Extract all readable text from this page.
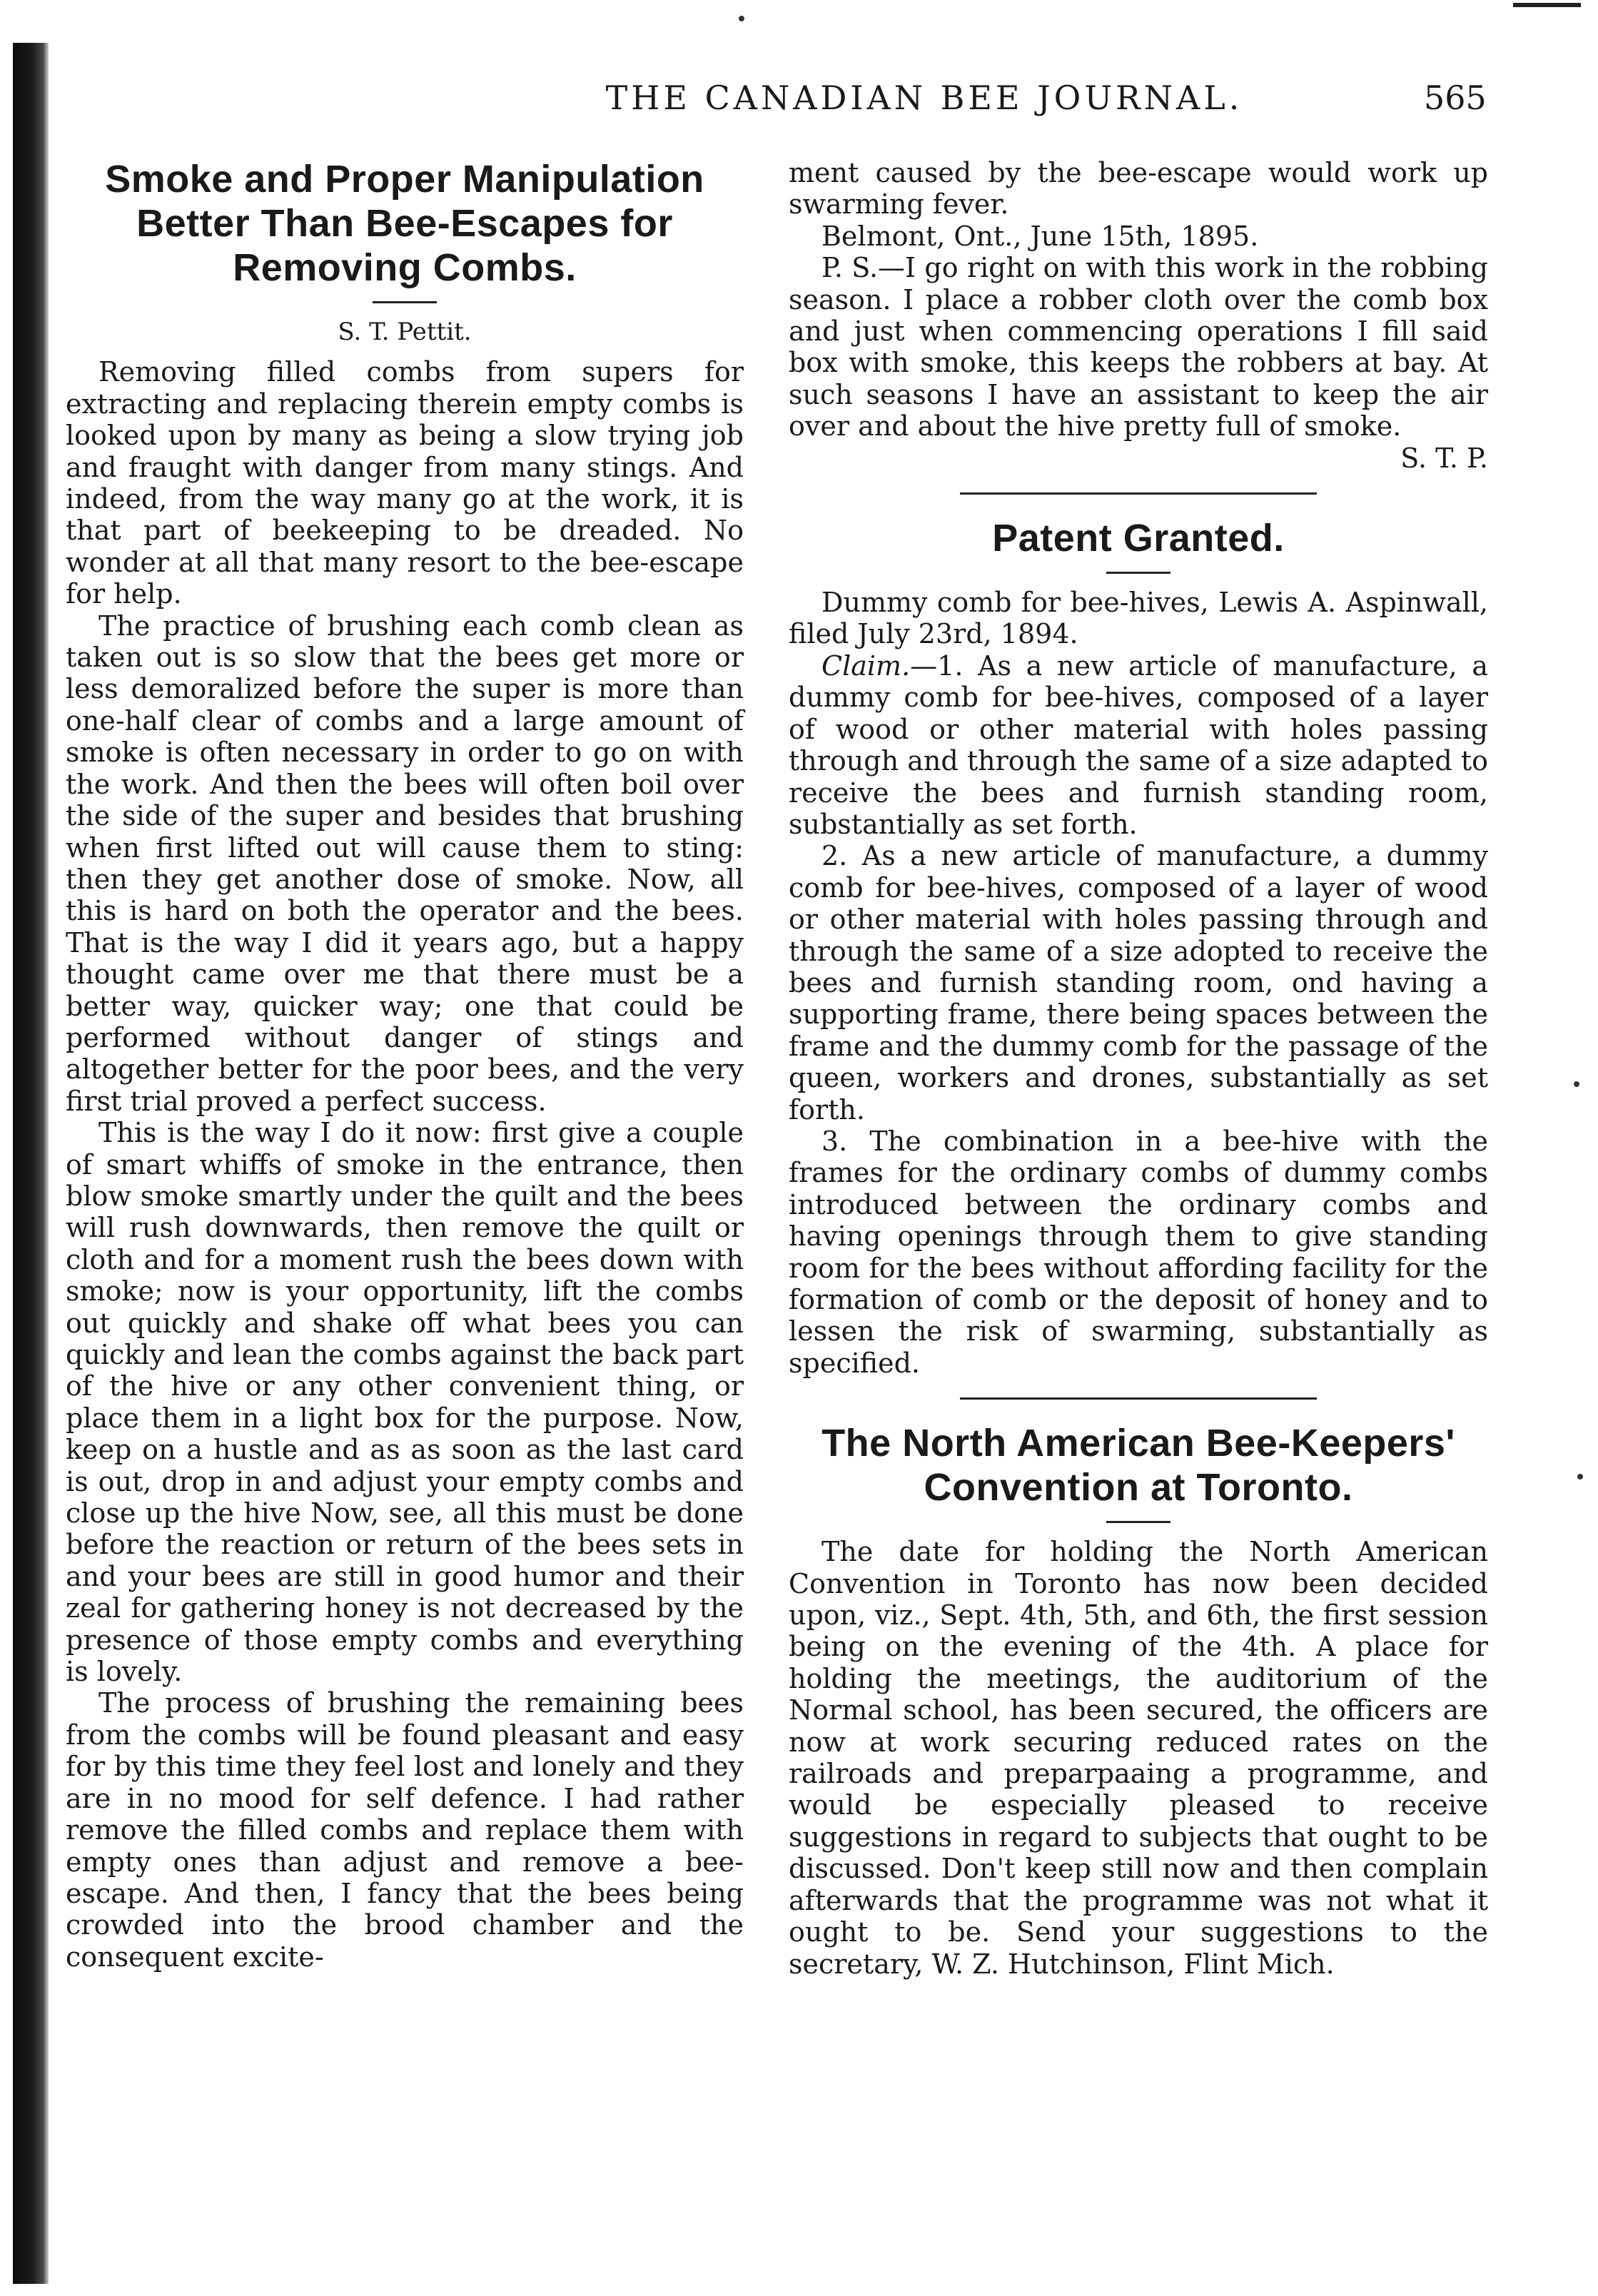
THE CANADIAN BEE JOURNAL.	565
Smoke and Proper Manipulation Better Than Bee-Escapes for Removing Combs.
S. T. Pettit.

Removing filled combs from supers for extracting and replacing therein empty combs is looked upon by many as being a slow trying job and fraught with danger from many stings. And indeed, from the way many go at the work, it is that part of beekeeping to be dreaded. No wonder at all that many resort to the bee-escape for help.

The practice of brushing each comb clean as taken out is so slow that the bees get more or less demoralized before the super is more than one-half clear of combs and a large amount of smoke is often necessary in order to go on with the work. And then the bees will often boil over the side of the super and besides that brushing when first lifted out will cause them to sting: then they get another dose of smoke. Now, all this is hard on both the operator and the bees. That is the way I did it years ago, but a happy thought came over me that there must be a better way, quicker way; one that could be performed without danger of stings and altogether better for the poor bees, and the very first trial proved a perfect success.

This is the way I do it now: first give a couple of smart whiffs of smoke in the entrance, then blow smoke smartly under the quilt and the bees will rush downwards, then remove the quilt or cloth and for a moment rush the bees down with smoke; now is your opportunity, lift the combs out quickly and shake off what bees you can quickly and lean the combs against the back part of the hive or any other convenient thing, or place them in a light box for the purpose. Now, keep on a hustle and as as soon as the last card is out, drop in and adjust your empty combs and close up the hive Now, see, all this must be done before the reaction or return of the bees sets in and your bees are still in good humor and their zeal for gathering honey is not decreased by the presence of those empty combs and everything is lovely.

The process of brushing the remaining bees from the combs will be found pleasant and easy for by this time they feel lost and lonely and they are in no mood for self defence. I had rather remove the filled combs and replace them with empty ones than adjust and remove a bee-escape. And then, I fancy that the bees being crowded into the brood chamber and the consequent excite-

ment caused by the bee-escape would work up swarming fever.

Belmont, Ont., June 15th, 1895.

P. S.—I go right on with this work in the robbing season. I place a robber cloth over the comb box and just when commencing operations I fill said box with smoke, this keeps the robbers at bay. At such seasons I have an assistant to keep the air over and about the hive pretty full of smoke.

S. T. P.
Patent Granted.

Dummy comb for bee-hives, Lewis A. Aspinwall, filed July 23rd, 1894.

Claim.—1. As a new article of manufacture, a dummy comb for bee-hives, composed of a layer of wood or other material with holes passing through and through the same of a size adapted to receive the bees and furnish standing room, substantially as set forth.

2. As a new article of manufacture, a dummy comb for bee-hives, composed of a layer of wood or other material with holes passing through and through the same of a size adopted to receive the bees and furnish standing room, ond having a supporting frame, there being spaces between the frame and the dummy comb for the passage of the queen, workers and drones, substantially as set forth.

3. The combination in a bee-hive with the frames for the ordinary combs of dummy combs introduced between the ordinary combs and having openings through them to give standing room for the bees without affording facility for the formation of comb or the deposit of honey and to lessen the risk of swarming, substantially as specified.

The North American Bee-Keepers' Convention at Toronto.

The date for holding the North American Convention in Toronto has now been decided upon, viz., Sept. 4th, 5th, and 6th, the first session being on the evening of the 4th. A place for holding the meetings, the auditorium of the Normal school, has been secured, the officers are now at work securing reduced rates on the railroads and preparpaaing a programme, and would be especially pleased to receive suggestions in regard to subjects that ought to be discussed. Don't keep still now and then complain afterwards that the programme was not what it ought to be. Send your suggestions to the secretary, W. Z. Hutchinson, Flint Mich.
